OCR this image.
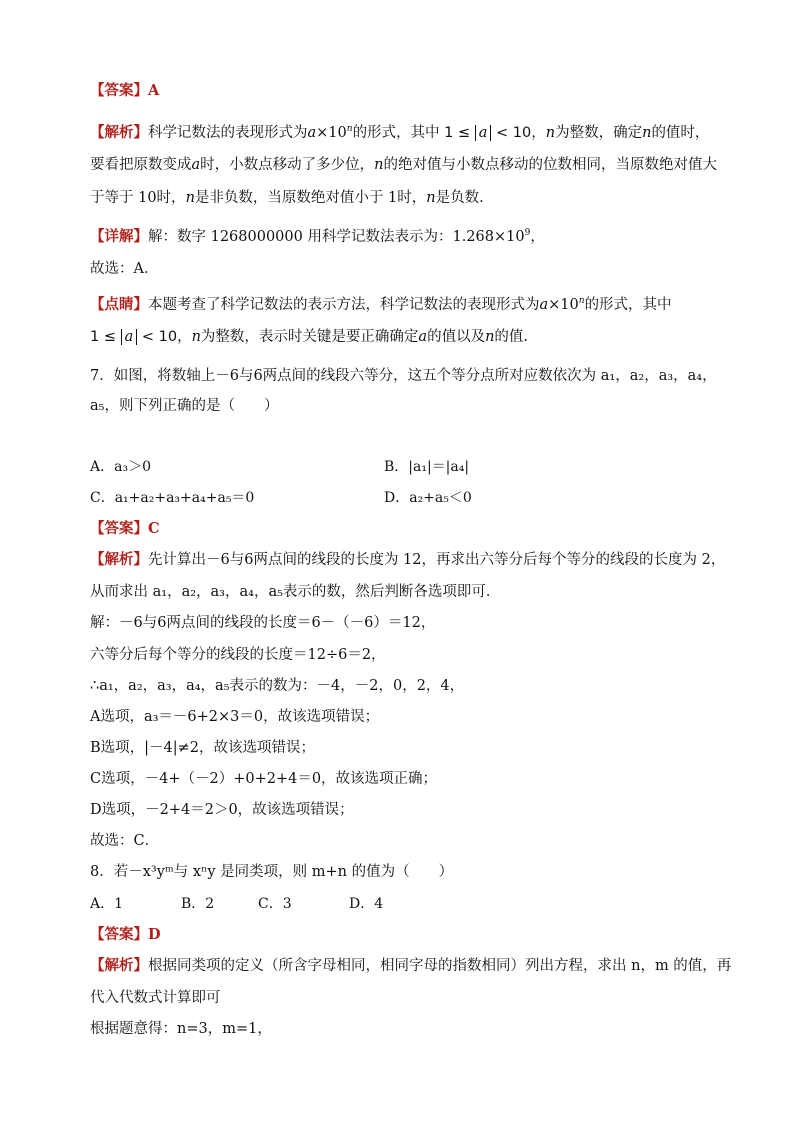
【答案】A
【解析】科学记数法的表现形式为$a\times 10^n$的形式，其中 1 ≤ a < 10，n为整数，确定n的值时，
要看把原数变成a时，小数点移动了多少位，n的绝对值与小数点移动的位数相同，当原数绝对值大
于等于 10时，n是非负数，当原数绝对值小于 1时，n是负数.
【详解】解：数字 1268000000 用科学记数法表示为：$1.268\times 10^9$，
故选：A．
【点睛】本题考查了科学记数法的表示方法，科学记数法的表现形式为$a\times 10^n$的形式，其中
1 ≤ a < 10，n为整数，表示时关键是要正确确定a的值以及n的值.
7．如图，将数轴上－6与6两点间的线段六等分，这五个等分点所对应数依次为 a₁，a₂，a₃，a₄，
a₅，则下列正确的是（　　）
A．a₃＞0	B．|a₁|＝|a₄|
C．a₁+a₂+a₃+a₄+a₅＝0	D．a₂+a₅＜0
【答案】C
【解析】先计算出－6与6两点间的线段的长度为 12，再求出六等分后每个等分的线段的长度为 2，
从而求出 a₁，a₂，a₃，a₄，a₅表示的数，然后判断各选项即可．
解：－6与6两点间的线段的长度＝6－（－6）＝12，
六等分后每个等分的线段的长度＝12÷6＝2，
∴a₁，a₂，a₃，a₄，a₅表示的数为：－4，－2，0，2，4，
A选项，a₃＝－6+2×3＝0，故该选项错误；
B选项，|－4|≠2，故该选项错误；
C选项，－4+（－2）+0+2+4＝0，故该选项正确；
D选项，－2+4＝2＞0，故该选项错误；
故选：C．
8．若－x³yᵐ与 xⁿy 是同类项，则 m+n 的值为（　　）
A．1	B．2	C．3	D．4
【答案】D
【解析】根据同类项的定义（所含字母相同，相同字母的指数相同）列出方程，求出 n，m 的值，再
代入代数式计算即可
根据题意得：n=3，m=1，
